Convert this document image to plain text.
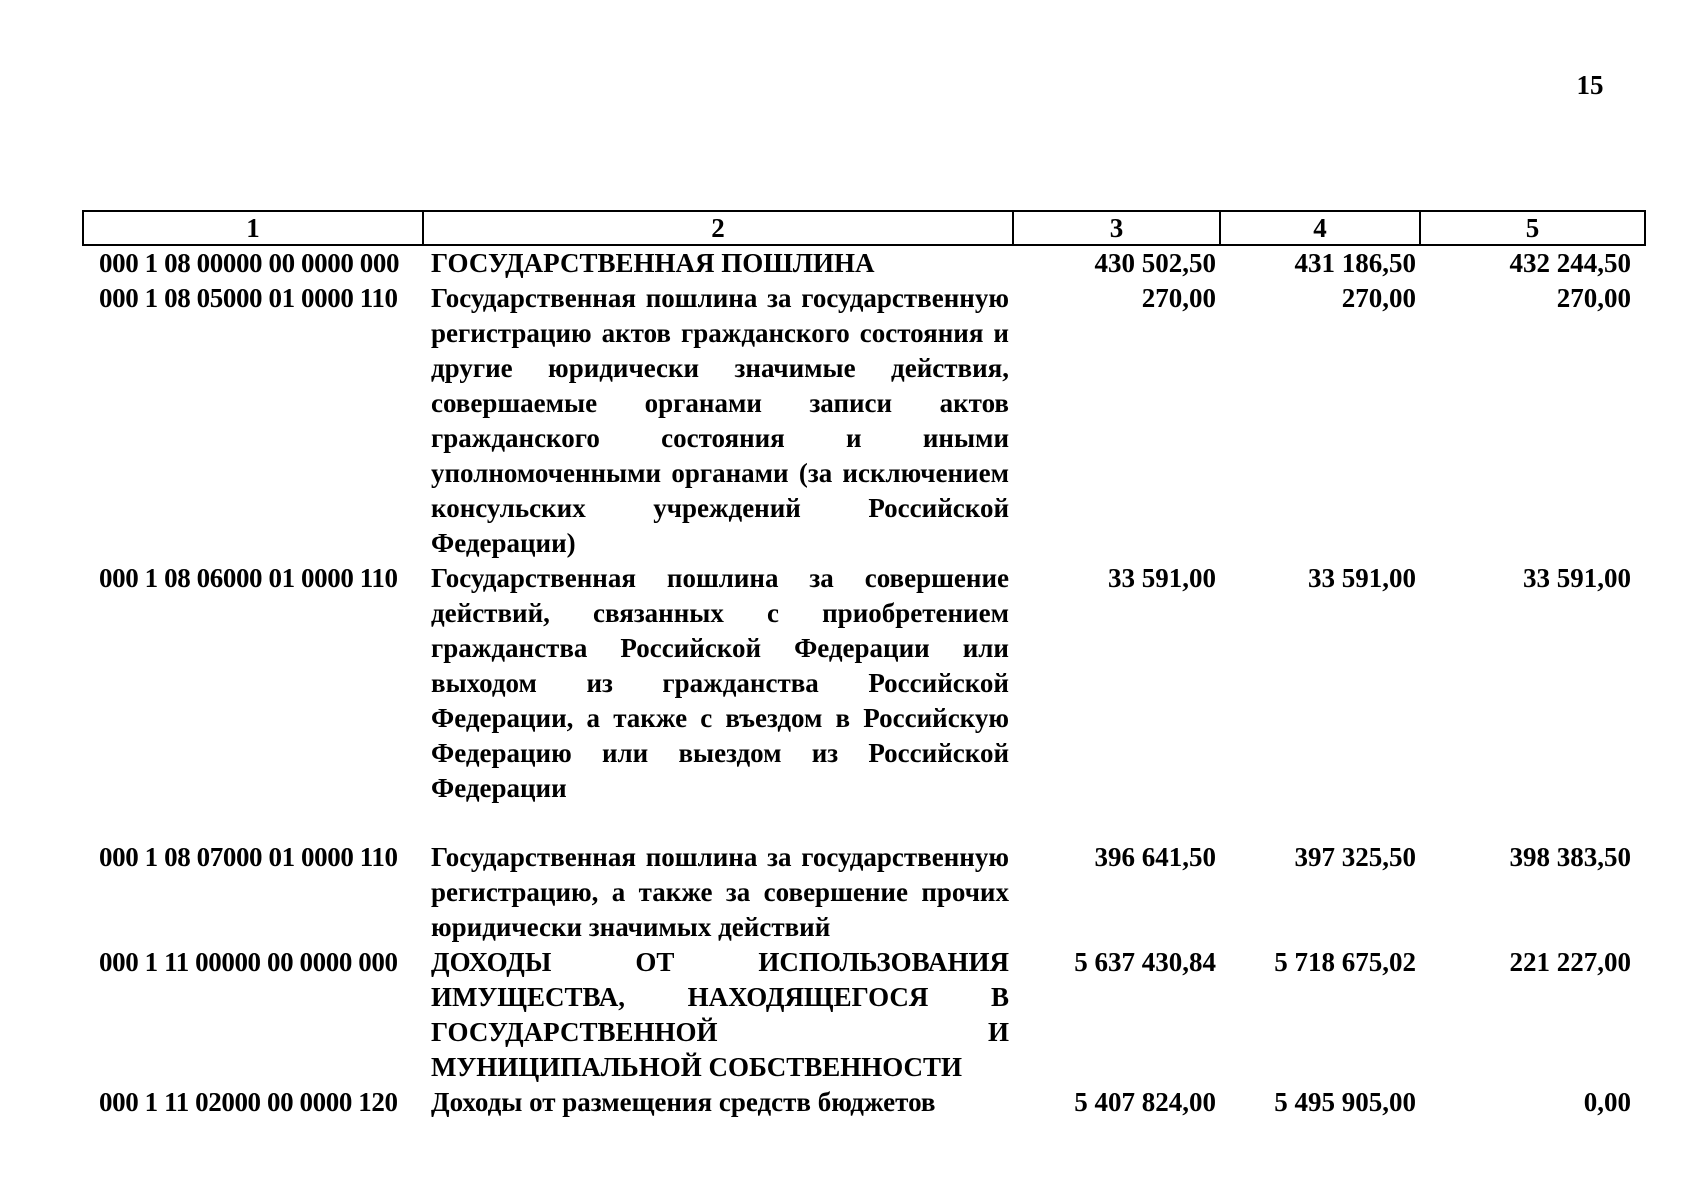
15
1	2	3	4	5
000 1 08 00000 00 0000 000	ГОСУДАРСТВЕННАЯ ПОШЛИНА	430 502,50	431 186,50	432 244,50
000 1 08 05000 01 0000 110	Государственная пошлина за государственную регистрацию актов гражданского состояния и другие юридически значимые действия, совершаемые органами записи актов гражданского состояния и иными уполномоченными органами (за исключением консульских учреждений Российской Федерации)	270,00	270,00	270,00
000 1 08 06000 01 0000 110	Государственная пошлина за совершение действий, связанных с приобретением гражданства Российской Федерации или выходом из гражданства Российской Федерации, а также с въездом в Российскую Федерацию или выездом из Российской Федерации	33 591,00	33 591,00	33 591,00
000 1 08 07000 01 0000 110	Государственная пошлина за государственную регистрацию, а также за совершение прочих юридически значимых действий	396 641,50	397 325,50	398 383,50
000 1 11 00000 00 0000 000	ДОХОДЫ ОТ ИСПОЛЬЗОВАНИЯ ИМУЩЕСТВА, НАХОДЯЩЕГОСЯ В ГОСУДАРСТВЕННОЙ И МУНИЦИПАЛЬНОЙ СОБСТВЕННОСТИ	5 637 430,84	5 718 675,02	221 227,00
000 1 11 02000 00 0000 120	Доходы от размещения средств бюджетов	5 407 824,00	5 495 905,00	0,00
